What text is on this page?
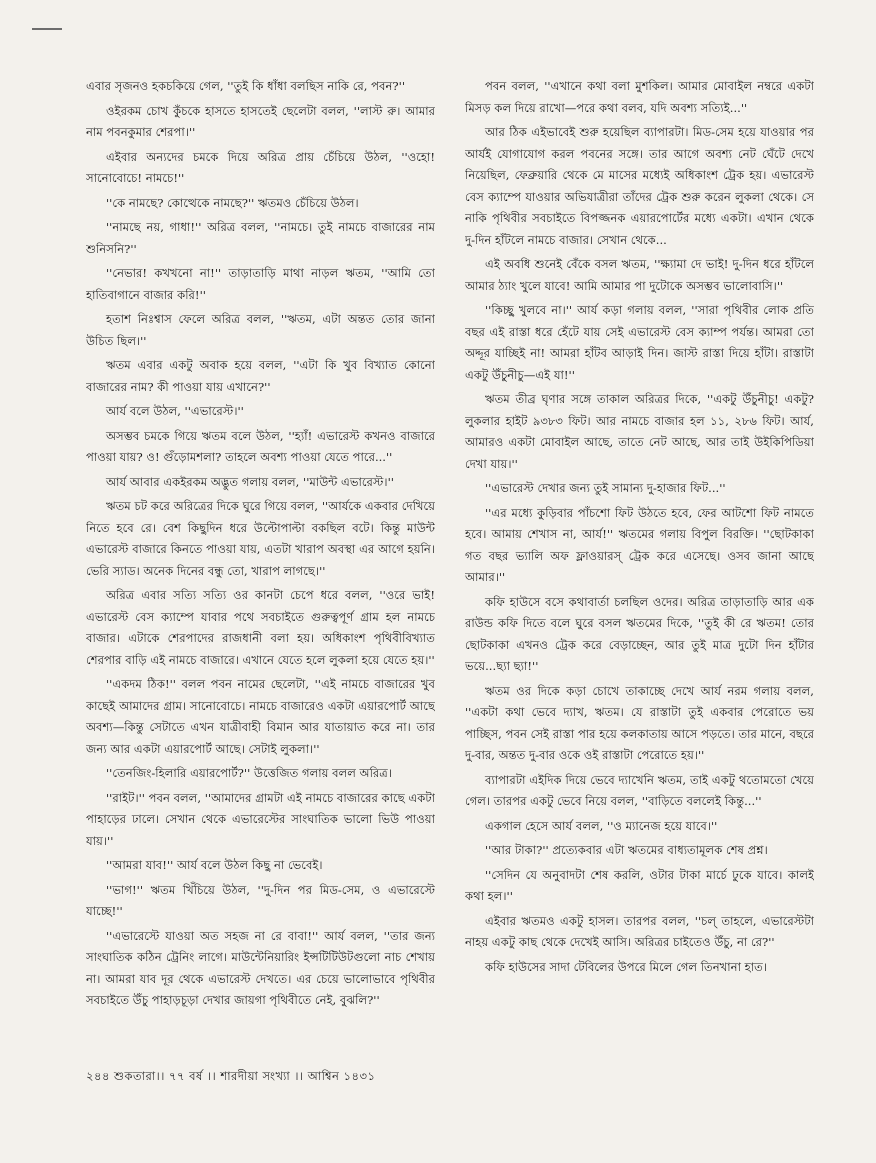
এবার সৃজনও হকচকিয়ে গেল, ''তুই কি ধাঁধা বলছিস নাকি রে, পবন?''

ওইরকম চোখ কুঁচকে হাসতে হাসতেই ছেলেটা বলল, ''লাস্ট রু। আমার নাম পবনকুমার শেরপা।''

এইবার অন্যদের চমকে দিয়ে অরিত্র প্রায় চেঁচিয়ে উঠল, ''ওহো! সানোবোচে! নামচে!''

''কে নামছে? কোত্থেকে নামছে?'' ঋতমও চেঁচিয়ে উঠল।

''নামছে নয়, গাধা!'' অরিত্র বলল, ''নামচে। তুই নামচে বাজারের নাম শুনিসনি?''

''নেভার! কখখনো না!'' তাড়াতাড়ি মাথা নাড়ল ঋতম, ''আমি তো হাতিবাগানে বাজার করি!''

হতাশ নিঃশ্বাস ফেলে অরিত্র বলল, ''ঋতম, এটা অন্তত তোর জানা উচিত ছিল।''

ঋতম এবার একটু অবাক হয়ে বলল, ''এটা কি খুব বিখ্যাত কোনো বাজারের নাম? কী পাওয়া যায় এখানে?''

আর্য বলে উঠল, ''এভারেস্ট।''

অসম্ভব চমকে গিয়ে ঋতম বলে উঠল, ''হ্যাঁ! এভারেস্ট কখনও বাজারে পাওয়া যায়? ও! গুঁড়োমশলা? তাহলে অবশ্য পাওয়া যেতে পারে...''

আর্য আবার একইরকম অদ্ভুত গলায় বলল, ''মাউন্ট এভারেস্ট।''

ঋতম চট করে অরিত্রের দিকে ঘুরে গিয়ে বলল, ''আর্যকে একবার দেখিয়ে নিতে হবে রে। বেশ কিছুদিন ধরে উল্টোপাল্টা বকছিল বটে। কিন্তু মাউন্ট এভারেস্ট বাজারে কিনতে পাওয়া যায়, এতটা খারাপ অবস্থা এর আগে হয়নি। ভেরি স্যাড। অনেক দিনের বন্ধু তো, খারাপ লাগছে।''

অরিত্র এবার সত্যি সত্যি ওর কানটা চেপে ধরে বলল, ''ওরে ভাই! এভারেস্ট বেস ক্যাম্পে যাবার পথে সবচাইতে গুরুত্বপূর্ণ গ্রাম হল নামচে বাজার। এটাকে শেরপাদের রাজধানী বলা হয়। অধিকাংশ পৃথিবীবিখ্যাত শেরপার বাড়ি এই নামচে বাজারে। এখানে যেতে হলে লুকলা হয়ে যেতে হয়।''

''একদম ঠিক!'' বলল পবন নামের ছেলেটা, ''এই নামচে বাজারের খুব কাছেই আমাদের গ্রাম। সানোবোচে। নামচে বাজারেও একটা এয়ারপোর্ট আছে অবশ্য—কিন্তু সেটাতে এখন যাত্রীবাহী বিমান আর যাতায়াত করে না। তার জন্য আর একটা এয়ারপোর্ট আছে। সেটাই লুকলা।''

''তেনজিং-হিলারি এয়ারপোর্ট?'' উত্তেজিত গলায় বলল অরিত্র।

''রাইট।'' পবন বলল, ''আমাদের গ্রামটা এই নামচে বাজারের কাছে একটা পাহাড়ের ঢালে। সেখান থেকে এভারেস্টের সাংঘাতিক ভালো ভিউ পাওয়া যায়।''

''আমরা যাব!'' আর্য বলে উঠল কিছু না ভেবেই।

''ভাগ!'' ঋতম খিঁচিয়ে উঠল, ''দু-দিন পর মিড-সেম, ও এভারেস্টে যাচ্ছে!''

''এভারেস্টে যাওয়া অত সহজ না রে বাবা!'' আর্য বলল, ''তার জন্য সাংঘাতিক কঠিন ট্রেনিং লাগে। মাউন্টেনিয়ারিং ইন্সটিটিউটগুলো নাচ শেখায় না। আমরা যাব দূর থেকে এভারেস্ট দেখতে। এর চেয়ে ভালোভাবে পৃথিবীর সবচাইতে উঁচু পাহাড়চূড়া দেখার জায়গা পৃথিবীতে নেই, বুঝলি?''

পবন বলল, ''এখানে কথা বলা মুশকিল। আমার মোবাইল নম্বরে একটা মিসড় কল দিয়ে রাখো—পরে কথা বলব, যদি অবশ্য সত্যিই...''

আর ঠিক এইভাবেই শুরু হয়েছিল ব্যাপারটা। মিড-সেম হয়ে যাওয়ার পর আর্যই যোগাযোগ করল পবনের সঙ্গে। তার আগে অবশ্য নেট ঘেঁটে দেখে নিয়েছিল, ফেব্রুয়ারি থেকে মে মাসের মধ্যেই অধিকাংশ ট্রেক হয়। এভারেস্ট বেস ক্যাম্পে যাওয়ার অভিযাত্রীরা তাঁদের ট্রেক শুরু করেন লুকলা থেকে। সে নাকি পৃথিবীর সবচাইতে বিপজ্জনক এয়ারপোর্টের মধ্যে একটা। এখান থেকে দু-দিন হাঁটলে নামচে বাজার। সেখান থেকে...

এই অবধি শুনেই বেঁকে বসল ঋতম, ''ক্ষ্যামা দে ভাই! দু-দিন ধরে হাঁটলে আমার ঠ্যাং খুলে যাবে! আমি আমার পা দুটোকে অসম্ভব ভালোবাসি।''

''কিচ্ছু খুলবে না।'' আর্য কড়া গলায় বলল, ''সারা পৃথিবীর লোক প্রতি বছর এই রাস্তা ধরে হেঁটে যায় সেই এভারেস্ট বেস ক্যাম্প পর্যন্ত। আমরা তো অদ্দূর যাচ্ছিই না! আমরা হাঁটব আড়াই দিন। জাস্ট রাস্তা দিয়ে হাঁটা। রাস্তাটা একটু উঁচুনীচু—এই যা!''

ঋতম তীব্র ঘৃণার সঙ্গে তাকাল অরিত্রর দিকে, ''একটু উঁচুনীচু! একটু? লুকলার হাইট ৯৩৮৩ ফিট। আর নামচে বাজার হল ১১, ২৮৬ ফিট। আর্য, আমারও একটা মোবাইল আছে, তাতে নেট আছে, আর তাই উইকিপিডিয়া দেখা যায়।''

''এভারেস্ট দেখার জন্য তুই সামান্য দু-হাজার ফিট...''

''এর মধ্যে কুড়িবার পাঁচশো ফিট উঠতে হবে, ফের আটশো ফিট নামতে হবে। আমায় শেখাস না, আর্য!'' ঋতমের গলায় বিপুল বিরক্তি। ''ছোটকাকা গত বছর ভ্যালি অফ ফ্লাওয়ারস্‌ ট্রেক করে এসেছে। ওসব জানা আছে আমার।''

কফি হাউসে বসে কথাবার্তা চলছিল ওদের। অরিত্র তাড়াতাড়ি আর এক রাউন্ড কফি দিতে বলে ঘুরে বসল ঋতমের দিকে, ''তুই কী রে ঋতম! তোর ছোটকাকা এখনও ট্রেক করে বেড়াচ্ছেন, আর তুই মাত্র দুটো দিন হাঁটার ভয়ে...ছ্যা ছ্যা!''

ঋতম ওর দিকে কড়া চোখে তাকাচ্ছে দেখে আর্য নরম গলায় বলল, ''একটা কথা ভেবে দ্যাখ, ঋতম। যে রাস্তাটা তুই একবার পেরোতে ভয় পাচ্ছিস, পবন সেই রাস্তা পার হয়ে কলকাতায় আসে পড়তে। তার মানে, বছরে দু-বার, অন্তত দু-বার ওকে ওই রাস্তাটা পেরোতে হয়।''

ব্যাপারটা এইদিক দিয়ে ভেবে দ্যাখেনি ঋতম, তাই একটু থতোমতো খেয়ে গেল। তারপর একটু ভেবে নিয়ে বলল, ''বাড়িতে বললেই কিন্তু...''

একগাল হেসে আর্য বলল, ''ও ম্যানেজ হয়ে যাবে।''

''আর টাকা?'' প্রত্যেকবার এটা ঋতমের বাধ্যতামূলক শেষ প্রশ্ন।

''সেদিন যে অনুবাদটা শেষ করলি, ওটার টাকা মার্চে ঢুকে যাবে। কালই কথা হল।''

এইবার ঋতমও একটু হাসল। তারপর বলল, ''চল্ তাহলে, এভারেস্টটা নাহয় একটু কাছ থেকে দেখেই আসি। অরিত্রর চাইতেও উঁচু, না রে?''

কফি হাউসের সাদা টেবিলের উপরে মিলে গেল তিনখানা হাত।

২৪৪ শুকতারা।। ৭৭ বর্ষ ।। শারদীয়া সংখ্যা ।। আশ্বিন ১৪৩১
